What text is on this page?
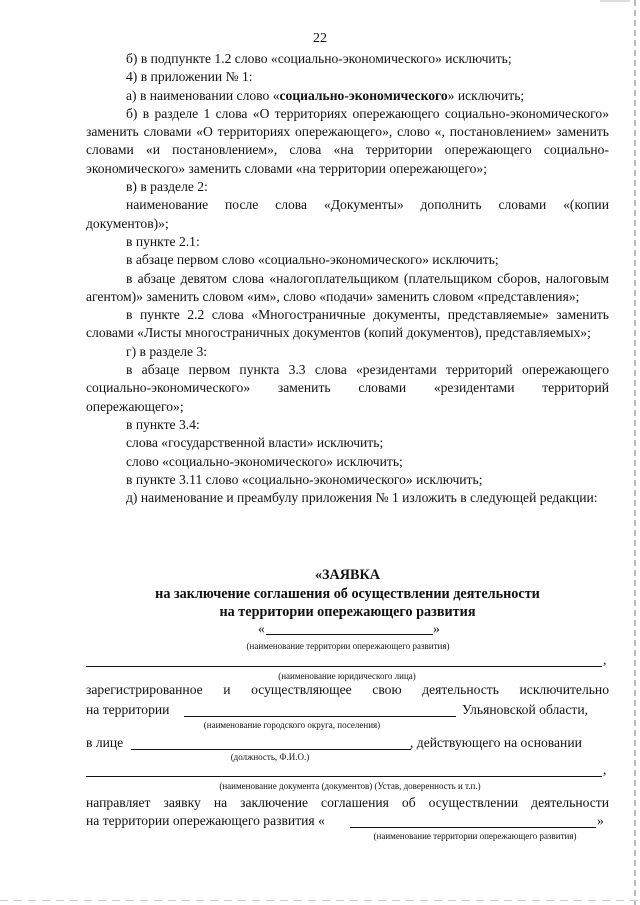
22

б) в подпункте 1.2 слово «социально-экономического» исключить;

4) в приложении № 1:

а) в наименовании слово «социально-экономического» исключить;

б) в разделе 1 слова «О территориях опережающего социально-экономического» заменить словами «О территориях опережающего», слово «, постановлением» заменить словами «и постановлением», слова «на территории опережающего социально-экономического» заменить словами «на территории опережающего»;

в) в разделе 2:

наименование после слова «Документы» дополнить словами «(копии документов)»;

в пункте 2.1:

в абзаце первом слово «социально-экономического» исключить;

в абзаце девятом слова «налогоплательщиком (плательщиком сборов, налоговым агентом)» заменить словом «им», слово «подачи» заменить словом «представления»;

в пункте 2.2 слова «Многостраничные документы, представляемые» заменить словами «Листы многостраничных документов (копий документов), представляемых»;

г) в разделе 3:

в абзаце первом пункта 3.3 слова «резидентами территорий опережающего социально-экономического» заменить словами «резидентами территорий опережающего»;

в пункте 3.4:

слова «государственной власти» исключить;

слово «социально-экономического» исключить;

в пункте 3.11 слово «социально-экономического» исключить;

д) наименование и преамбулу приложения № 1 изложить в следующей редакции:

«ЗАЯВКА
на заключение соглашения об осуществлении деятельности
на территории опережающего развития
«	»
(наименование территории опережающего развития)
,
(наименование юридического лица)
зарегистрированное и осуществляющее свою деятельность исключительно
на территории	Ульяновской области,
(наименование городского округа, поселения)
в лице	, действующего на основании
(должность, Ф.И.О.)
,
(наименование документа (документов) (Устав, доверенность и т.п.)
направляет заявку на заключение соглашения об осуществлении деятельности
на территории опережающего развития «	»
(наименование территории опережающего развития)
